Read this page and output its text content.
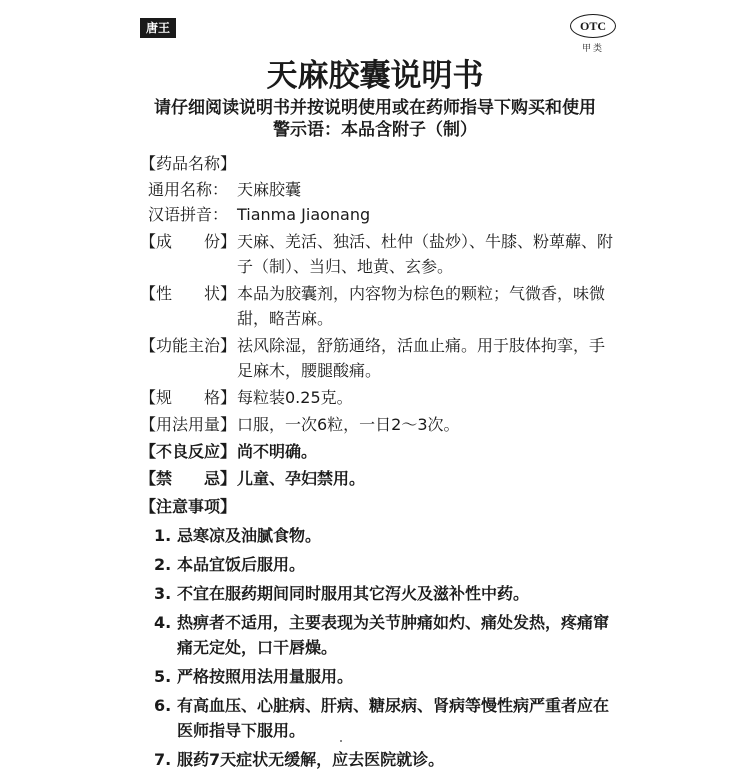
唐王	OTC
甲类
天麻胶囊说明书
请仔细阅读说明书并按说明使用或在药师指导下购买和使用
警示语：本品含附子（制）
【药品名称】
通用名称： 天麻胶囊
汉语拼音： Tianma Jiaonang
【成　　份】 天麻、羌活、独活、杜仲（盐炒）、牛膝、粉萆薢、附子（制）、当归、地黄、玄参。
【性　　状】 本品为胶囊剂，内容物为棕色的颗粒；气微香，味微甜，略苦麻。
【功能主治】 祛风除湿，舒筋通络，活血止痛。用于肢体拘挛，手足麻木，腰腿酸痛。
【规　　格】 每粒装0.25克。
【用法用量】 口服，一次6粒，一日2～3次。
【不良反应】 尚不明确。
【禁　　忌】 儿童、孕妇禁用。
【注意事项】
1. 忌寒凉及油腻食物。
2. 本品宜饭后服用。
3. 不宜在服药期间同时服用其它泻火及滋补性中药。
4. 热痹者不适用，主要表现为关节肿痛如灼、痛处发热，疼痛窜痛无定处，口干唇燥。
5. 严格按照用法用量服用。
6. 有高血压、心脏病、肝病、糖尿病、肾病等慢性病严重者应在医师指导下服用。
7. 服药7天症状无缓解，应去医院就诊。
